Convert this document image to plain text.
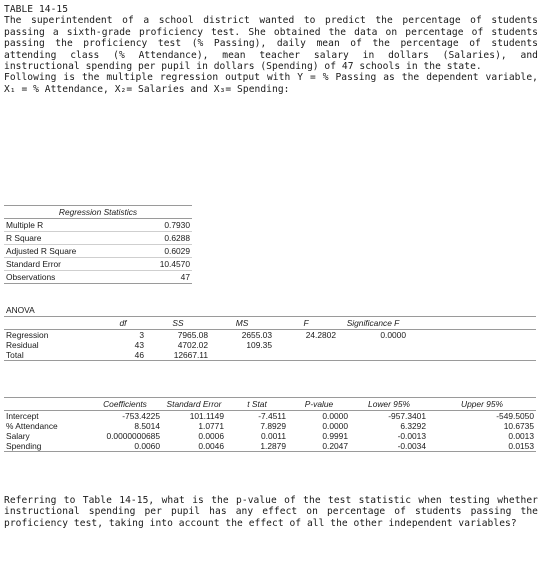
TABLE 14-15

The superintendent of a school district wanted to predict the percentage of students passing a sixth-grade proficiency test. She obtained the data on percentage of students passing the proficiency test (% Passing), daily mean of the percentage of students attending class (% Attendance), mean teacher salary in dollars (Salaries), and instructional spending per pupil in dollars (Spending) of 47 schools in the state.

Following is the multiple regression output with Y = % Passing as the dependent variable, X₁ = % Attendance, X₂= Salaries and X₃= Spending:

Regression Statistics	
Multiple R	0.7930
R Square	0.6288
Adjusted R Square	0.6029
Standard Error	10.4570
Observations	47
ANOVA
	df	SS	MS	F	Significance F	
Regression	3	7965.08	2655.03	24.2802	0.0000	
Residual	43	4702.02	109.35			
Total	46	12667.11				
	Coefficients	Standard Error	t Stat	P-value	Lower 95%	Upper 95%
Intercept	-753.4225	101.1149	-7.4511	0.0000	-957.3401	-549.5050
% Attendance	8.5014	1.0771	7.8929	0.0000	6.3292	10.6735
Salary	0.0000000685	0.0006	0.0011	0.9991	-0.0013	0.0013
Spending	0.0060	0.0046	1.2879	0.2047	-0.0034	0.0153

Referring to Table 14-15, what is the p-value of the test statistic when testing whether instructional spending per pupil has any effect on percentage of students passing the proficiency test, taking into account the effect of all the other independent variables?
